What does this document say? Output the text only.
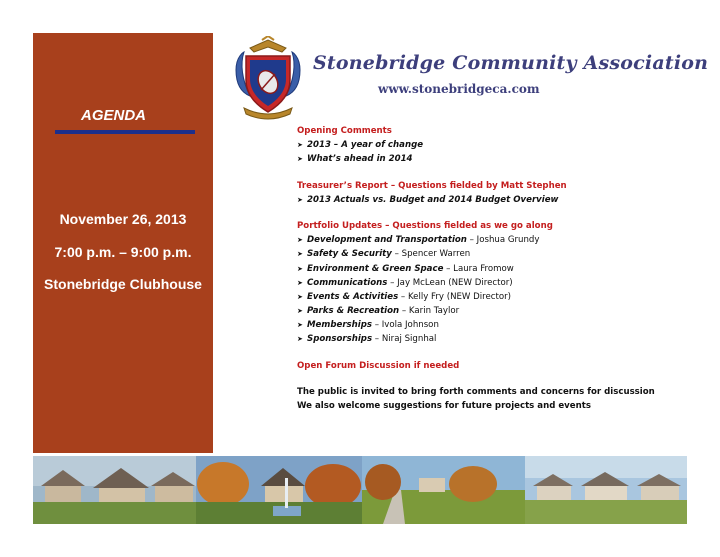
AGENDA
November 26, 2013
7:00 p.m. – 9:00 p.m.
Stonebridge Clubhouse
Stonebridge Community Association
www.stonebridgeca.com
Opening Comments
➤ 2013 – A year of change
➤ What’s ahead in 2014
Treasurer’s Report – Questions fielded by Matt Stephen
➤ 2013 Actuals vs. Budget and 2014 Budget Overview
Portfolio Updates – Questions fielded as we go along
➤ Development and Transportation – Joshua Grundy
➤ Safety & Security – Spencer Warren
➤ Environment & Green Space – Laura Fromow
➤ Communications – Jay McLean (NEW Director)
➤ Events & Activities – Kelly Fry (NEW Director)
➤ Parks & Recreation – Karin Taylor
➤ Memberships – Ivola Johnson
➤ Sponsorships – Niraj Signhal
Open Forum Discussion if needed
The public is invited to bring forth comments and concerns for discussion
We also welcome suggestions for future projects and events
